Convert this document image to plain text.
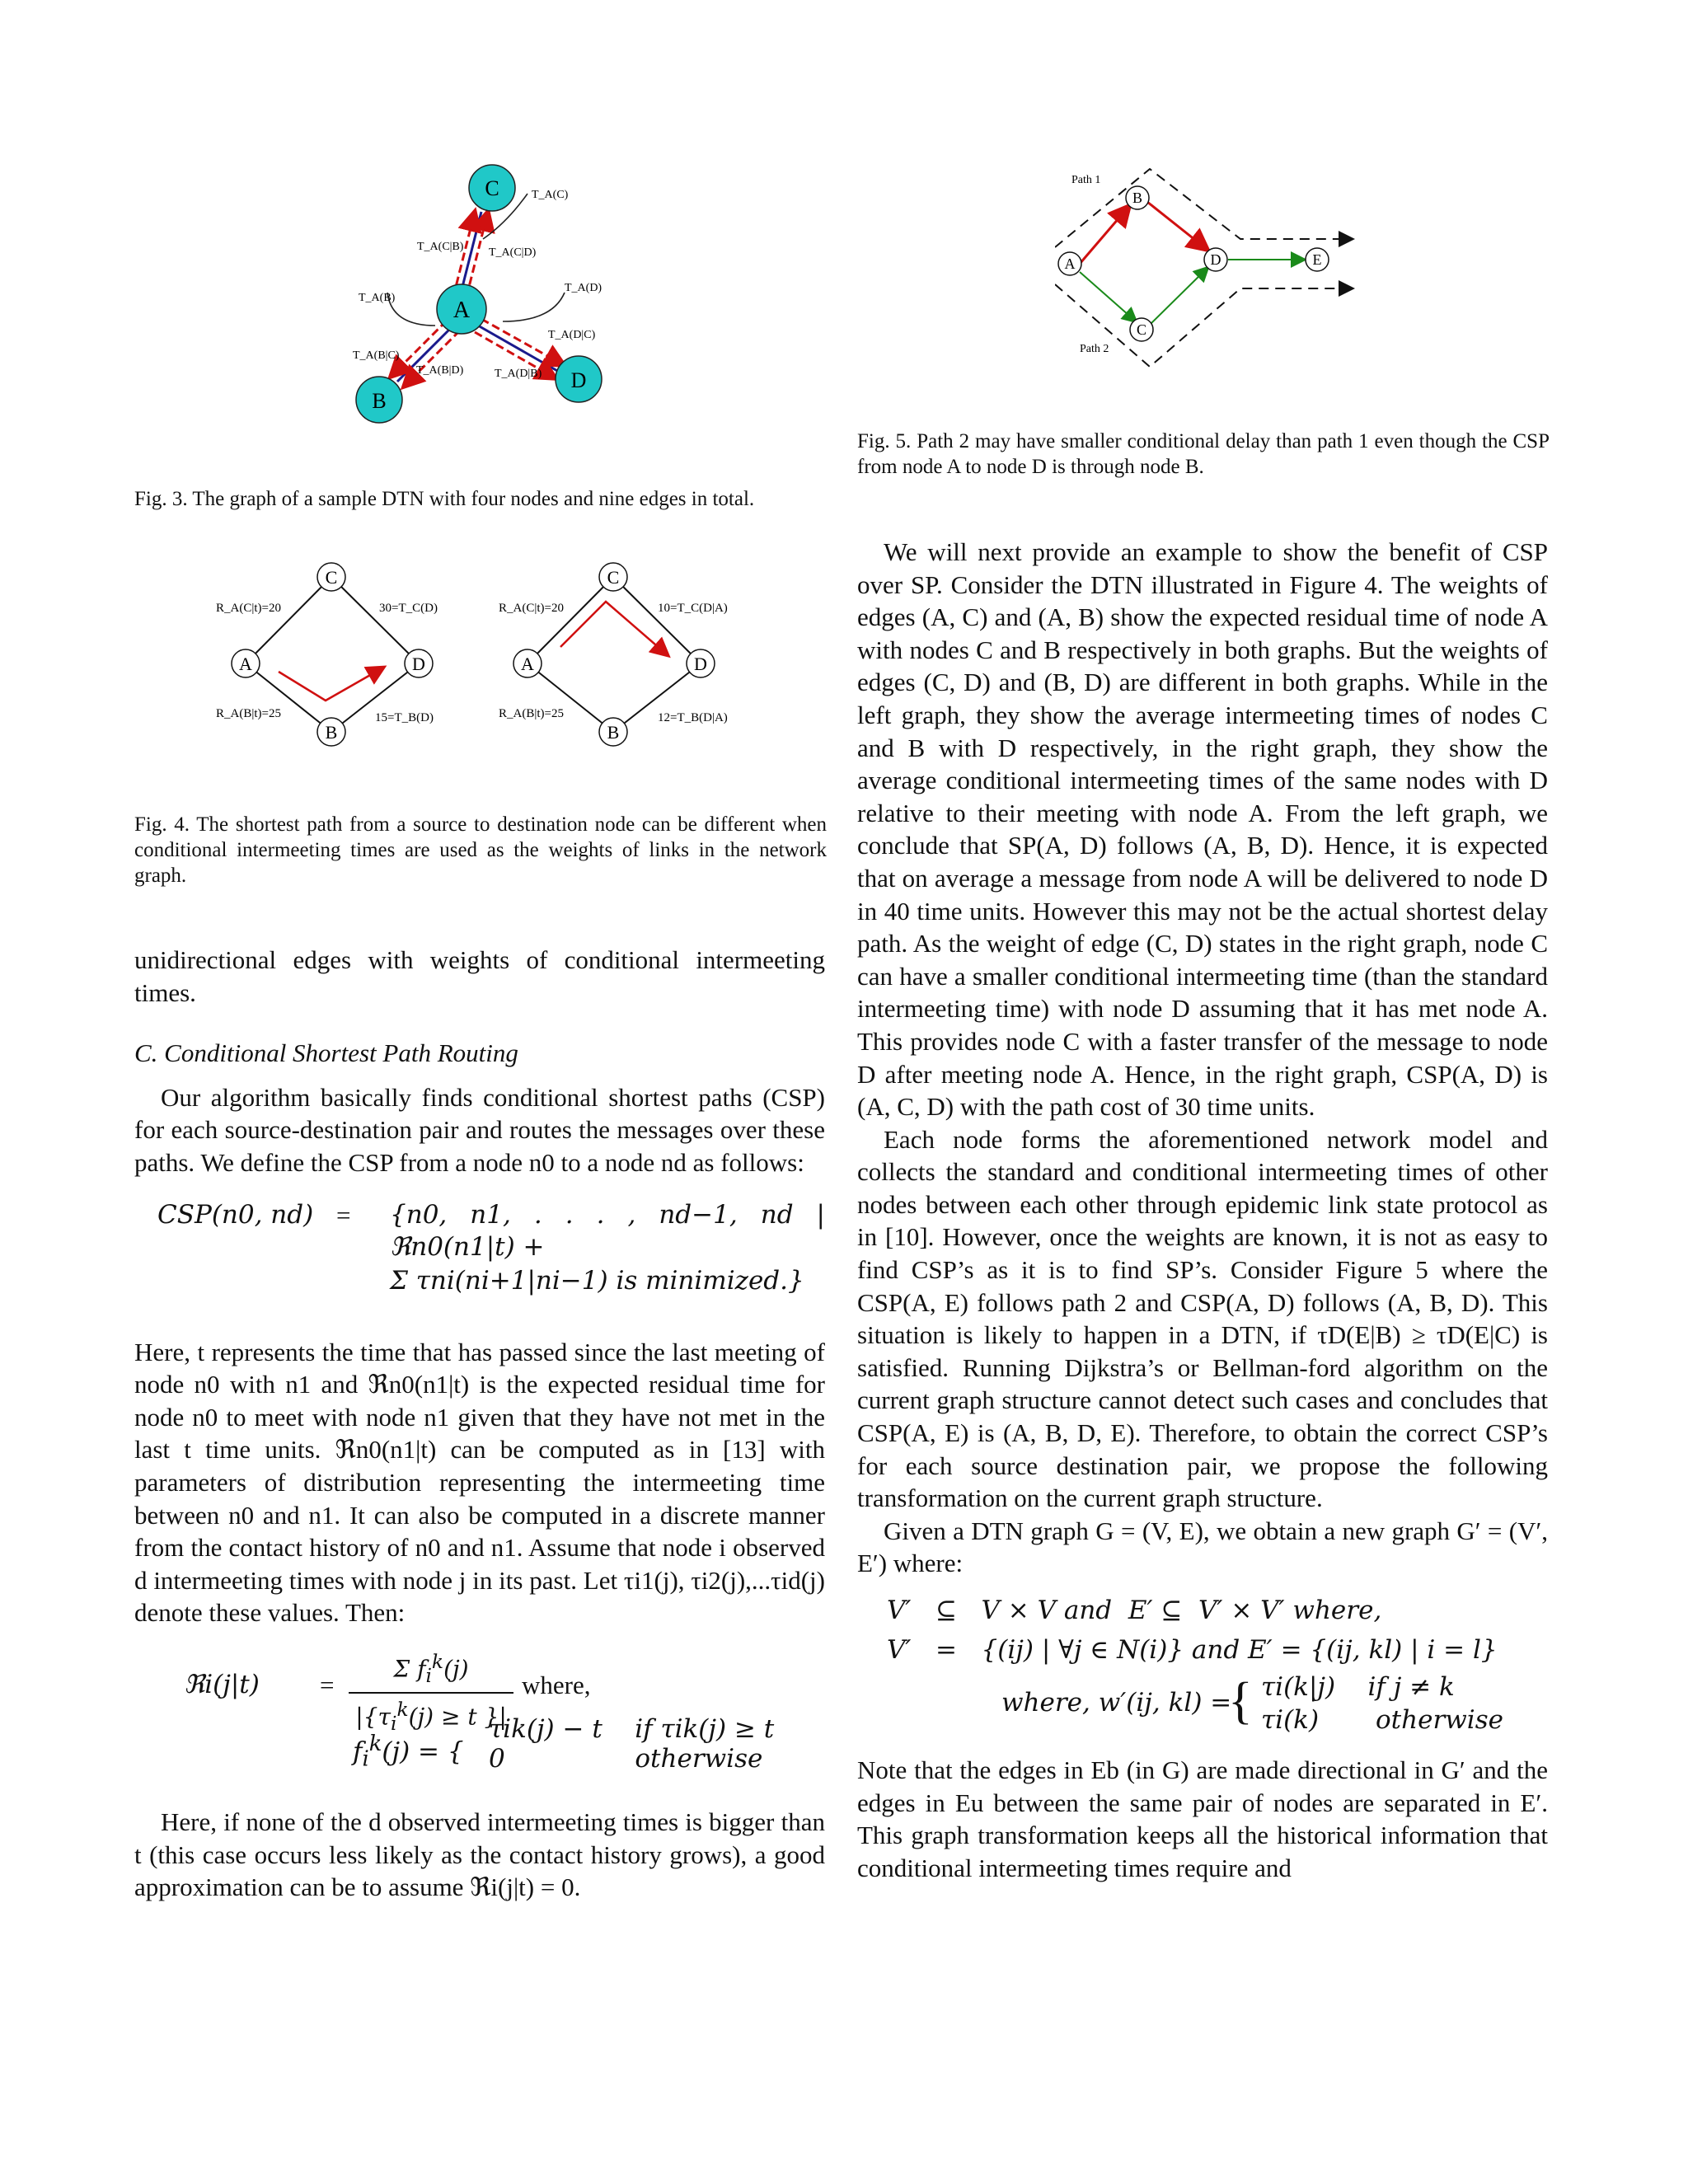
C
A
B
D
T_A(C)
T_A(C|B) T_A(C|D)
T_A(B)
T_A(D)
T_A(D|C)
T_A(B|C)
T_A(B|D)	T_A(D|B)
Fig. 3. The graph of a sample DTN with four nodes and nine edges in total.
C
A	D
B
R_A(C|t)=20
R_A(B|t)=25
30=T_C(D)
15=T_B(D)
C
A	D
B
R_A(C|t)=20
R_A(B|t)=25
10=T_C(D|A)
12=T_B(D|A)
Fig. 4. The shortest path from a source to destination node can be different when conditional intermeeting times are used as the weights of links in the network graph.
A
B
C
D	E
Path 1
Path 2
Fig. 5. Path 2 may have smaller conditional delay than path 1 even though the CSP from node A to node D is through node B.

unidirectional edges with weights of conditional intermeeting times.

C. Conditional Shortest Path Routing

Our algorithm basically finds conditional shortest paths (CSP) for each source-destination pair and routes the messages over these paths. We define the CSP from a node n0 to a node nd as follows:

CSP(n0, nd) = {n0, n1, . . . , nd−1, nd | ℜn0(n1|t) +
Σ τni(ni+1|ni−1) is minimized.}

Here, t represents the time that has passed since the last meeting of node n0 with n1 and ℜn0(n1|t) is the expected residual time for node n0 to meet with node n1 given that they have not met in the last t time units. ℜn0(n1|t) can be computed as in [13] with parameters of distribution representing the intermeeting time between n0 and n1. It can also be computed in a discrete manner from the contact history of n0 and n1. Assume that node i observed d intermeeting times with node j in its past. Let τi1(j), τi2(j),...τid(j) denote these values. Then:

ℜi(j|t) =
Σ $f_i^k(j)$
$|\{\tau_i^k(j) \ge t$ }|
where,
$f_i^k(j)$ = {
τik(j) − t    if τik(j) ≥ t
0                otherwise

Here, if none of the d observed intermeeting times is bigger than t (this case occurs less likely as the contact history grows), a good approximation can be to assume ℜi(j|t) = 0.

We will next provide an example to show the benefit of CSP over SP. Consider the DTN illustrated in Figure 4. The weights of edges (A, C) and (A, B) show the expected residual time of node A with nodes C and B respectively in both graphs. But the weights of edges (C, D) and (B, D) are different in both graphs. While in the left graph, they show the average intermeeting times of nodes C and B with D respectively, in the right graph, they show the average conditional intermeeting times of the same nodes with D relative to their meeting with node A. From the left graph, we conclude that SP(A, D) follows (A, B, D). Hence, it is expected that on average a message from node A will be delivered to node D in 40 time units. However this may not be the actual shortest delay path. As the weight of edge (C, D) states in the right graph, node C can have a smaller conditional intermeeting time (than the standard intermeeting time) with node D assuming that it has met node A. This provides node C with a faster transfer of the message to node D after meeting node A. Hence, in the right graph, CSP(A, D) is (A, C, D) with the path cost of 30 time units.

Each node forms the aforementioned network model and collects the standard and conditional intermeeting times of other nodes between each other through epidemic link state protocol as in [10]. However, once the weights are known, it is not as easy to find CSP’s as it is to find SP’s. Consider Figure 5 where the CSP(A, E) follows path 2 and CSP(A, D) follows (A, B, D). This situation is likely to happen in a DTN, if τD(E|B) ≥ τD(E|C) is satisfied. Running Dijkstra’s or Bellman-ford algorithm on the current graph structure cannot detect such cases and concludes that CSP(A, E) is (A, B, D, E). Therefore, to obtain the correct CSP’s for each source destination pair, we propose the following transformation on the current graph structure.

Given a DTN graph G = (V, E), we obtain a new graph G′ = (V′, E′) where:

V′   ⊆   V × V and  E′ ⊆  V′ × V′ where,
V′   =   {(ij) | ∀j ∈ N(i)} and E′ = {(ij, kl) | i = l}
where, w′(ij, kl) =
{ τi(k|j)    if j ≠ k
τi(k)       otherwise

Note that the edges in Eb (in G) are made directional in G′ and the edges in Eu between the same pair of nodes are separated in E′. This graph transformation keeps all the historical information that conditional intermeeting times require and
